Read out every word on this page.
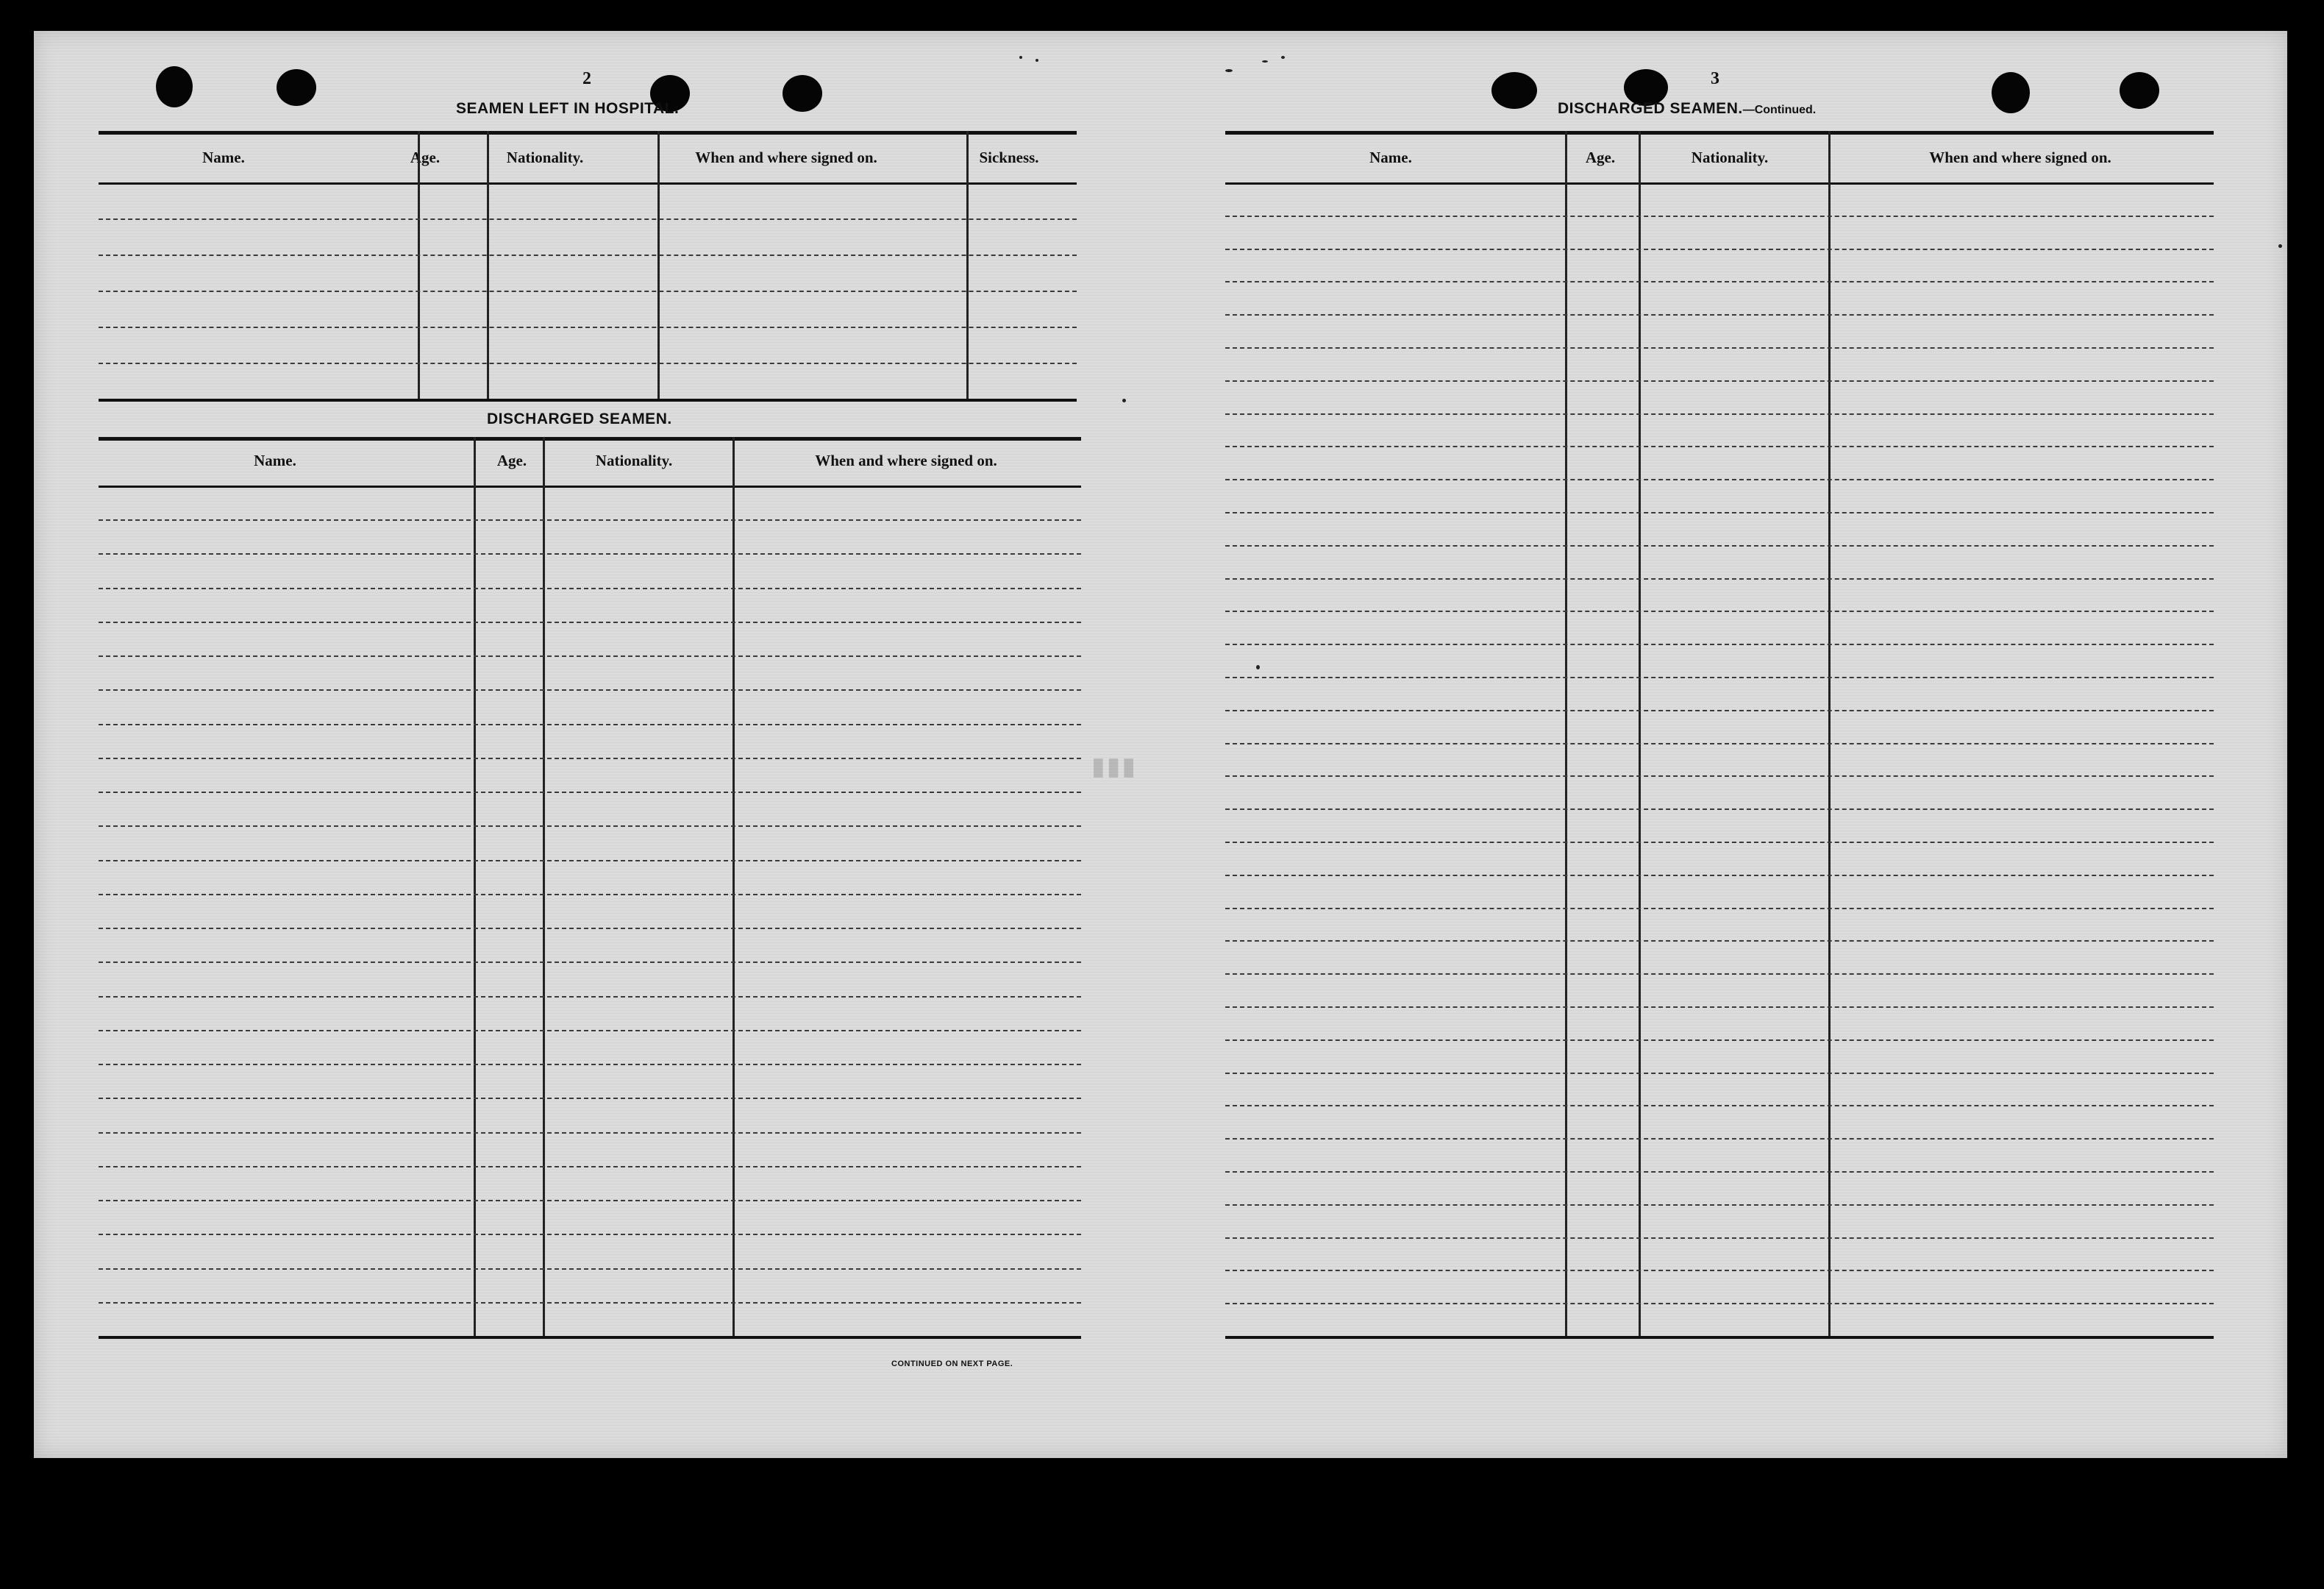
▮▮▮
2
SEAMEN LEFT IN HOSPITAL.
Name.	Age.	Nationality.	When and where signed on.	Sickness.
DISCHARGED SEAMEN.
Name.	Age.	Nationality.	When and where signed on.
CONTINUED ON NEXT PAGE.
3
DISCHARGED SEAMEN.—Continued.
Name.	Age.	Nationality.	When and where signed on.
